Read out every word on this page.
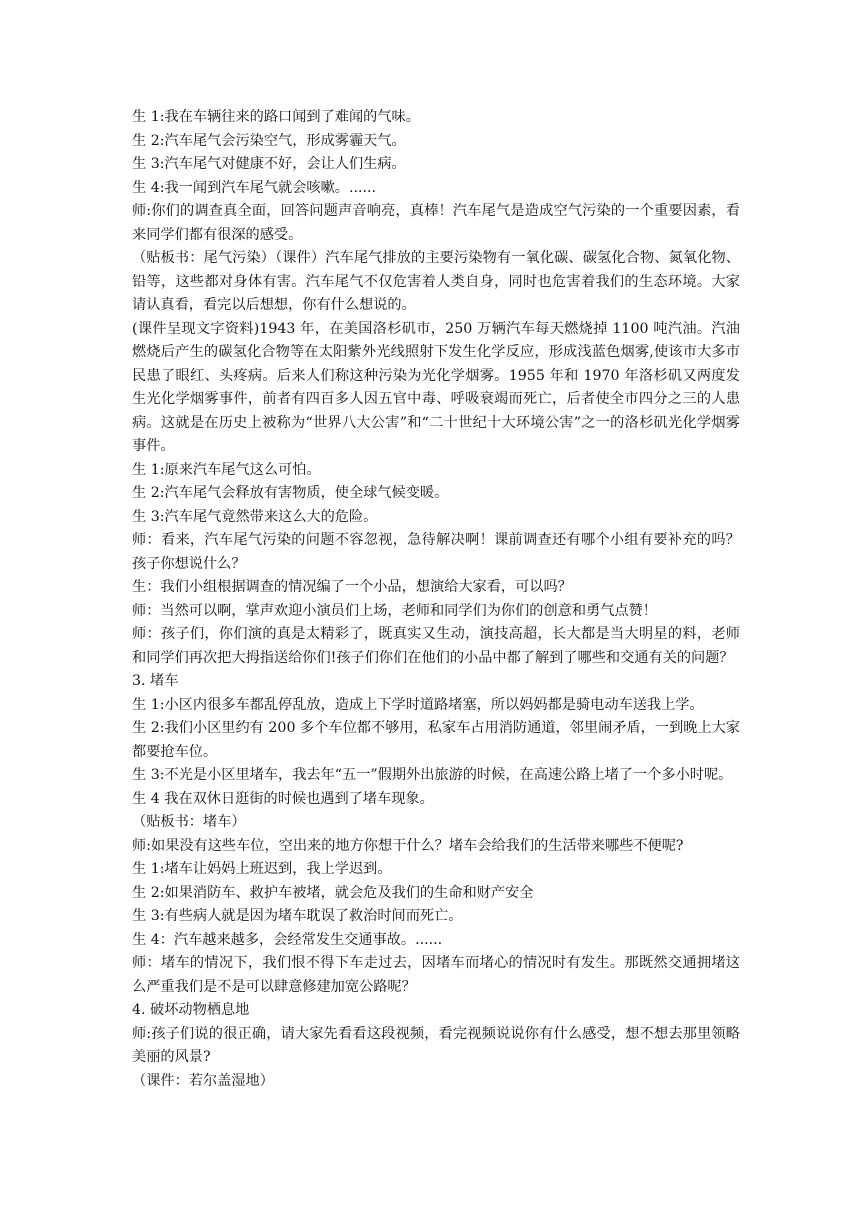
生 1:我在车辆往来的路口闻到了难闻的气味。

生 2:汽车尾气会污染空气，形成雾霾天气。

生 3:汽车尾气对健康不好，会让人们生病。

生 4:我一闻到汽车尾气就会咳嗽。......

师:你们的调查真全面，回答问题声音响亮，真棒！汽车尾气是造成空气污染的一个重要因素，看来同学们都有很深的感受。

（贴板书：尾气污染）（课件）汽车尾气排放的主要污染物有一氧化碳、碳氢化合物、氮氧化物、铅等，这些都对身体有害。汽车尾气不仅危害着人类自身，同时也危害着我们的生态环境。大家请认真看，看完以后想想，你有什么想说的。

(课件呈现文字资料)1943 年，在美国洛杉矶市，250 万辆汽车每天燃烧掉 1100 吨汽油。汽油燃烧后产生的碳氢化合物等在太阳紫外光线照射下发生化学反应，形成浅蓝色烟雾,使该市大多市民患了眼红、头疼病。后来人们称这种污染为光化学烟雾。1955 年和 1970 年洛杉矶又两度发生光化学烟雾事件，前者有四百多人因五官中毒、呼吸衰竭而死亡，后者使全市四分之三的人患病。这就是在历史上被称为“世界八大公害”和“二十世纪十大环境公害”之一的洛杉矶光化学烟雾事件。

生 1:原来汽车尾气这么可怕。

生 2:汽车尾气会释放有害物质，使全球气候变暖。

生 3:汽车尾气竟然带来这么大的危险。

师：看来，汽车尾气污染的问题不容忽视，急待解决啊！课前调查还有哪个小组有要补充的吗？孩子你想说什么？

生：我们小组根据调查的情况编了一个小品，想演给大家看，可以吗？

师：当然可以啊，掌声欢迎小演员们上场，老师和同学们为你们的创意和勇气点赞！

师：孩子们，你们演的真是太精彩了，既真实又生动，演技高超，长大都是当大明星的料，老师和同学们再次把大拇指送给你们!孩子们你们在他们的小品中都了解到了哪些和交通有关的问题？

3. 堵车

生 1:小区内很多车都乱停乱放，造成上下学时道路堵塞，所以妈妈都是骑电动车送我上学。

生 2:我们小区里约有 200 多个车位都不够用，私家车占用消防通道，邻里闹矛盾，一到晚上大家都要抢车位。

生 3:不光是小区里堵车，我去年“五一”假期外出旅游的时候，在高速公路上堵了一个多小时呢。

生 4 我在双休日逛街的时候也遇到了堵车现象。

（贴板书：堵车）

师:如果没有这些车位，空出来的地方你想干什么？堵车会给我们的生活带来哪些不便呢?

生 1:堵车让妈妈上班迟到，我上学迟到。

生 2:如果消防车、救护车被堵，就会危及我们的生命和财产安全

生 3:有些病人就是因为堵车耽误了救治时间而死亡。

生 4：汽车越来越多，会经常发生交通事故。......

师：堵车的情况下，我们恨不得下车走过去，因堵车而堵心的情况时有发生。那既然交通拥堵这么严重我们是不是可以肆意修建加宽公路呢？

4. 破坏动物栖息地

师:孩子们说的很正确，请大家先看看这段视频，看完视频说说你有什么感受，想不想去那里领略美丽的风景?

（课件：若尔盖湿地）
